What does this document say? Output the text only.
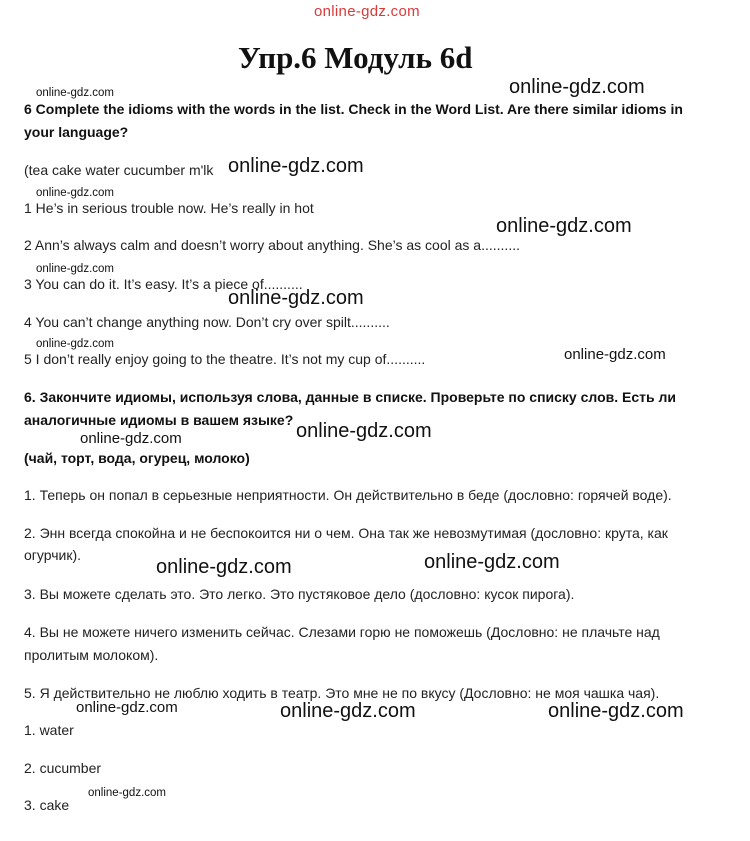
online-gdz.com
Упр.6 Модуль 6d
online-gdz.com
online-gdz.com
6 Complete the idioms with the words in the list. Check in the Word List. Are there similar idioms in
your language?
(tea cake water cucumber m'lk online-gdz.com
online-gdz.com
1 He’s in serious trouble now. He’s really in hot
online-gdz.com
2 Ann’s always calm and doesn’t worry about anything. She’s as cool as a..........
online-gdz.com
3 You can do it. It’s easy. It’s a piece of..........
online-gdz.com
4 You can’t change anything now. Don’t cry over spilt..........
online-gdz.com
5 I don’t really enjoy going to the theatre. It’s not my cup of..........	online-gdz.com
6. Закончите идиомы, используя слова, данные в списке. Проверьте по списку слов. Есть ли
аналогичные идиомы в вашем языке? online-gdz.com
online-gdz.com
(чай, торт, вода, огурец, молоко)
1. Теперь он попал в серьезные неприятности. Он действительно в беде (дословно: горячей воде).
2. Энн всегда спокойна и не беспокоится ни о чем. Она так же невозмутимая (дословно: крута, как
огурчик).	online-gdz.com
online-gdz.com
3. Вы можете сделать это. Это легко. Это пустяковое дело (дословно: кусок пирога).
4. Вы не можете ничего изменить сейчас. Слезами горю не поможешь (Дословно: не плачьте над
пролитым молоком).
5. Я действительно не люблю ходить в театр. Это мне не по вкусу (Дословно: не моя чашка чая).
online-gdz.com	online-gdz.com	online-gdz.com
1. water
2. cucumber
online-gdz.com
3. cake
